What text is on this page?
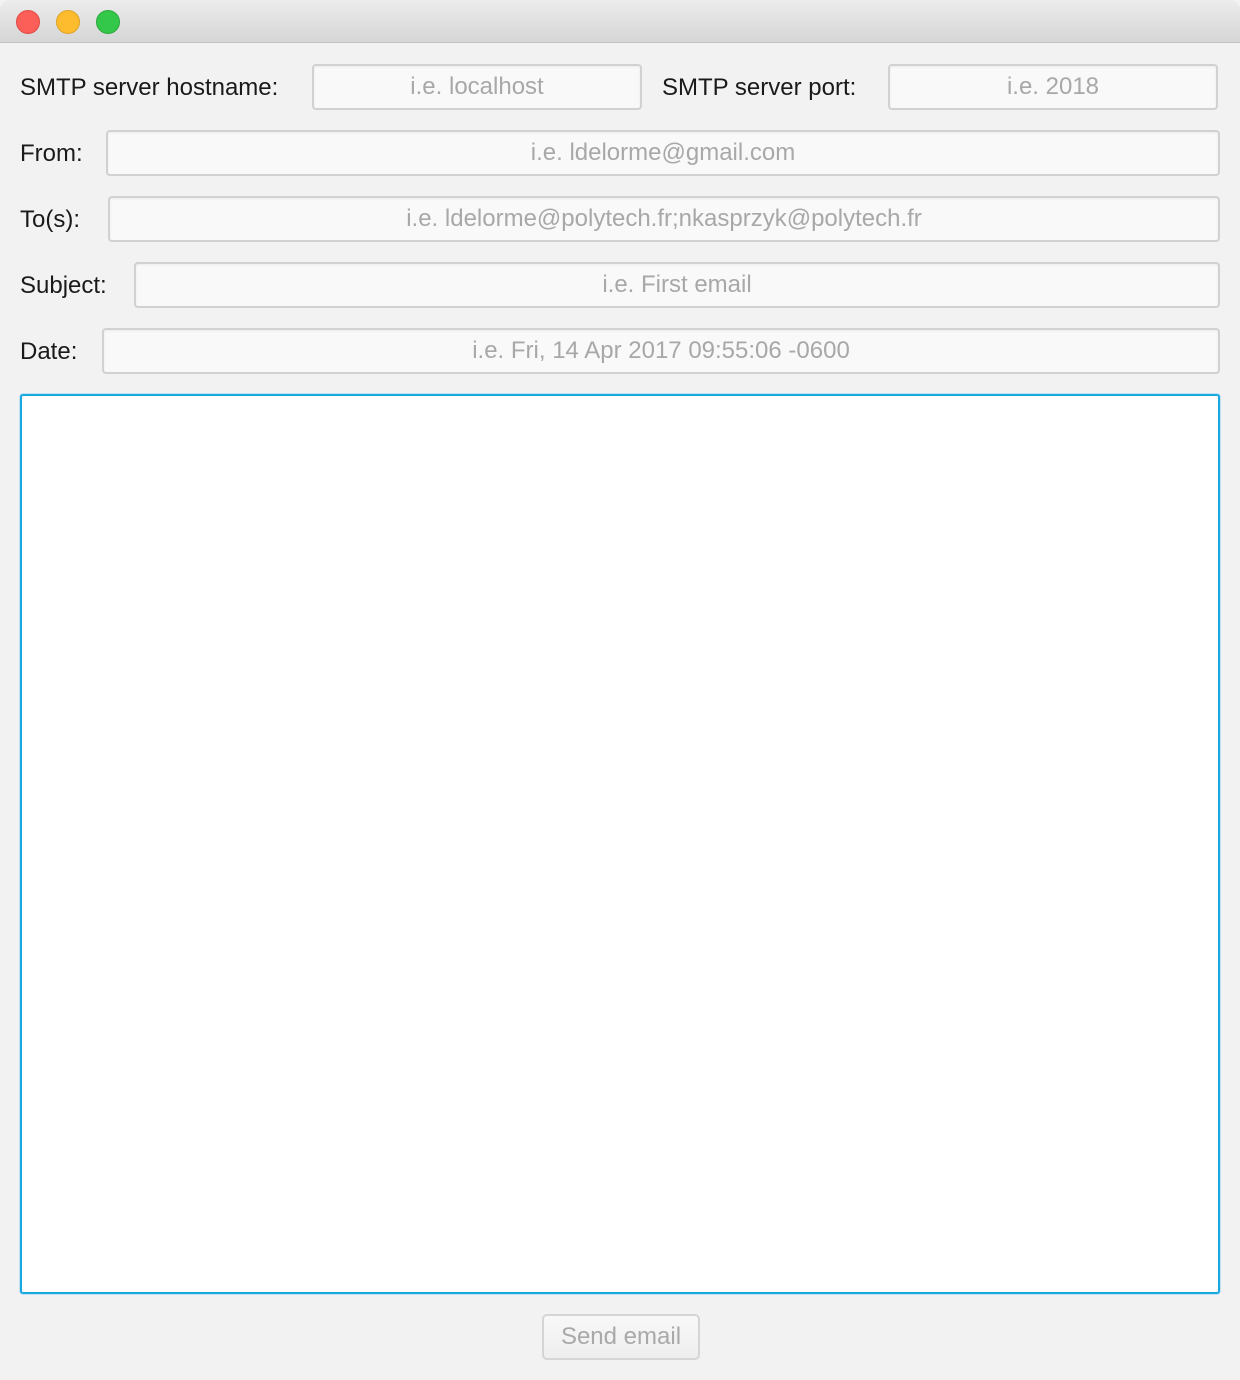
SMTP server hostname:	i.e. localhost	SMTP server port:	i.e. 2018
From:	i.e. ldelorme@gmail.com
To(s):	i.e. ldelorme@polytech.fr;nkasprzyk@polytech.fr
Subject:	i.e. First email
Date:	i.e. Fri, 14 Apr 2017 09:55:06 -0600
Send email
